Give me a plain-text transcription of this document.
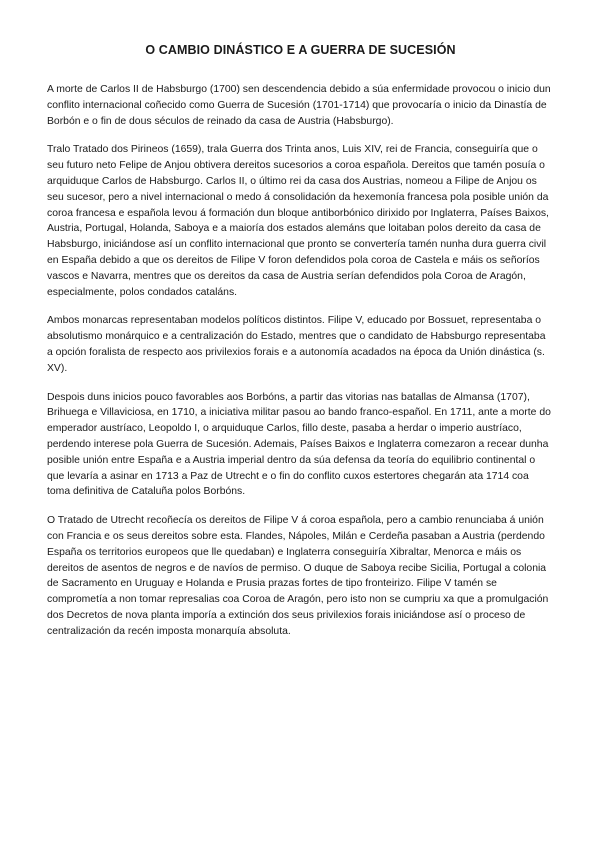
O CAMBIO DINÁSTICO E A GUERRA DE SUCESIÓN

A morte de Carlos II de Habsburgo (1700) sen descendencia debido a súa enfermidade provocou o inicio dun conflito internacional coñecido como Guerra de Sucesión (1701-1714) que provocaría o inicio da Dinastía de Borbón e o fin de dous séculos de reinado da casa de Austria (Habsburgo).

Tralo Tratado dos Pirineos (1659), trala Guerra dos Trinta anos, Luis XIV, rei de Francia, conseguiría que o seu futuro neto Felipe de Anjou obtivera dereitos sucesorios a coroa española. Dereitos que tamén posuía o arquiduque Carlos de Habsburgo. Carlos II, o último rei da casa dos Austrias, nomeou a Filipe de Anjou os seu sucesor, pero a nivel internacional o medo á consolidación da hexemonía francesa pola posible unión da coroa francesa e española levou á formación dun bloque antiborbónico dirixido por Inglaterra, Países Baixos, Austria, Portugal, Holanda, Saboya e a maioría dos estados alemáns que loitaban polos dereito da casa de Habsburgo, iniciándose así un conflito internacional que pronto se convertería tamén nunha dura guerra civil en España debido a que os dereitos de Filipe V foron defendidos pola coroa de Castela e máis os señoríos vascos e Navarra, mentres que os dereitos da casa de Austria serían defendidos pola Coroa de Aragón, especialmente, polos condados cataláns.

Ambos monarcas representaban modelos políticos distintos. Filipe V, educado por Bossuet, representaba o absolutismo monárquico e a centralización do Estado, mentres que o candidato de Habsburgo representaba a opción foralista de respecto aos privilexios forais e a autonomía acadados na época da Unión dinástica (s. XV).

Despois duns inicios pouco favorables aos Borbóns, a partir das vitorias nas batallas de Almansa (1707), Brihuega e Villaviciosa, en 1710, a iniciativa militar pasou ao bando franco-español. En 1711, ante a morte do emperador austríaco, Leopoldo I, o arquiduque Carlos, fillo deste, pasaba a herdar o imperio austríaco, perdendo interese pola Guerra de Sucesión. Ademais, Países Baixos e Inglaterra comezaron a recear dunha posible unión entre España e a Austria imperial dentro da súa defensa da teoría do equilibrio continental o que levaría a asinar en 1713 a Paz de Utrecht e o fin do conflito cuxos estertores chegarán ata 1714 coa toma definitiva de Cataluña polos Borbóns.

O Tratado de Utrecht recoñecía os dereitos de Filipe V á coroa española, pero a cambio renunciaba á unión con Francia e os seus dereitos sobre esta. Flandes, Nápoles, Milán e Cerdeña pasaban a Austria (perdendo España os territorios europeos que lle quedaban) e Inglaterra conseguiría Xibraltar, Menorca e máis os dereitos de asentos de negros e de navíos de permiso. O duque de Saboya recibe Sicilia, Portugal a colonia de Sacramento en Uruguay e Holanda e Prusia prazas fortes de tipo fronteirizo. Filipe V tamén se comprometía a non tomar represalias coa Coroa de Aragón, pero isto non se cumpriu xa que a promulgación dos Decretos de nova planta imporía a extinción dos seus privilexios forais iniciándose así o proceso de centralización da recén imposta monarquía absoluta.
